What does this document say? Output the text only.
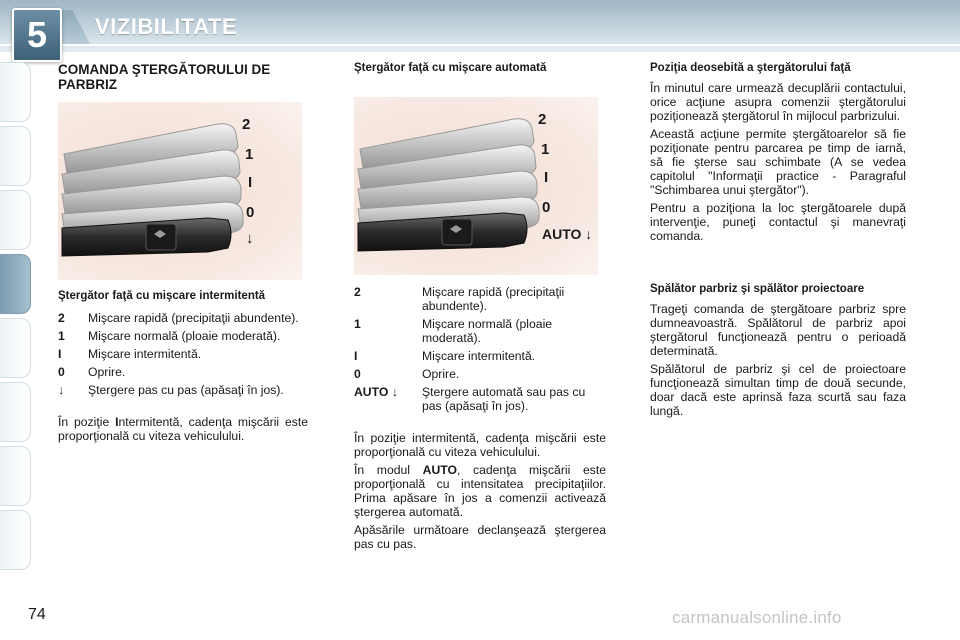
5	VIZIBILITATE
COMANDA ŞTERGĂTORULUI DE PARBRIZ
2
1
I
0
↓
Ştergător faţă cu mişcare intermitentă
2	Mişcare rapidă (precipitaţii abundente).
1	Mişcare normală (ploaie moderată).
I	Mişcare intermitentă.
0	Oprire.
↓	Ştergere pas cu pas (apăsaţi în jos).

În poziţie Intermitentă, cadenţa mişcării este proporţională cu viteza vehiculului.

Ştergător faţă cu mişcare automată
2
1
I
0
AUTO ↓
2	Mişcare rapidă (precipitaţii abundente).
1	Mişcare normală (ploaie moderată).
I	Mişcare intermitentă.
0	Oprire.
AUTO ↓	Ştergere automată sau pas cu pas (apăsaţi în jos).

În poziţie intermitentă, cadenţa mişcării este proporţională cu viteza vehiculului.

În modul AUTO, cadenţa mişcării este proporţională cu intensitatea precipitaţiilor. Prima apăsare în jos a comenzii activează ştergerea automată.

Apăsările următoare declanşează ştergerea pas cu pas.

Poziţia deosebită a ştergătorului faţă

În minutul care urmează decuplării contactului, orice acţiune asupra comenzii ştergătorului poziţionează ştergătorul în mijlocul parbrizului.

Această acţiune permite ştergătoarelor să fie poziţionate pentru parcarea pe timp de iarnă, să fie şterse sau schimbate (A se vedea capitolul "Informaţii practice - Paragraful "Schimbarea unui ştergător").

Pentru a poziţiona la loc ştergătoarele după intervenţie, puneţi contactul şi manevraţi comanda.

Spălător parbriz şi spălător proiectoare

Trageţi comanda de ştergătoare parbriz spre dumneavoastră. Spălătorul de parbriz apoi ştergătorul funcţionează pentru o perioadă determinată.

Spălătorul de parbriz şi cel de proiectoare funcţionează simultan timp de două secunde, doar dacă este aprinsă faza scurtă sau faza lungă.

74	carmanualsonline.info
